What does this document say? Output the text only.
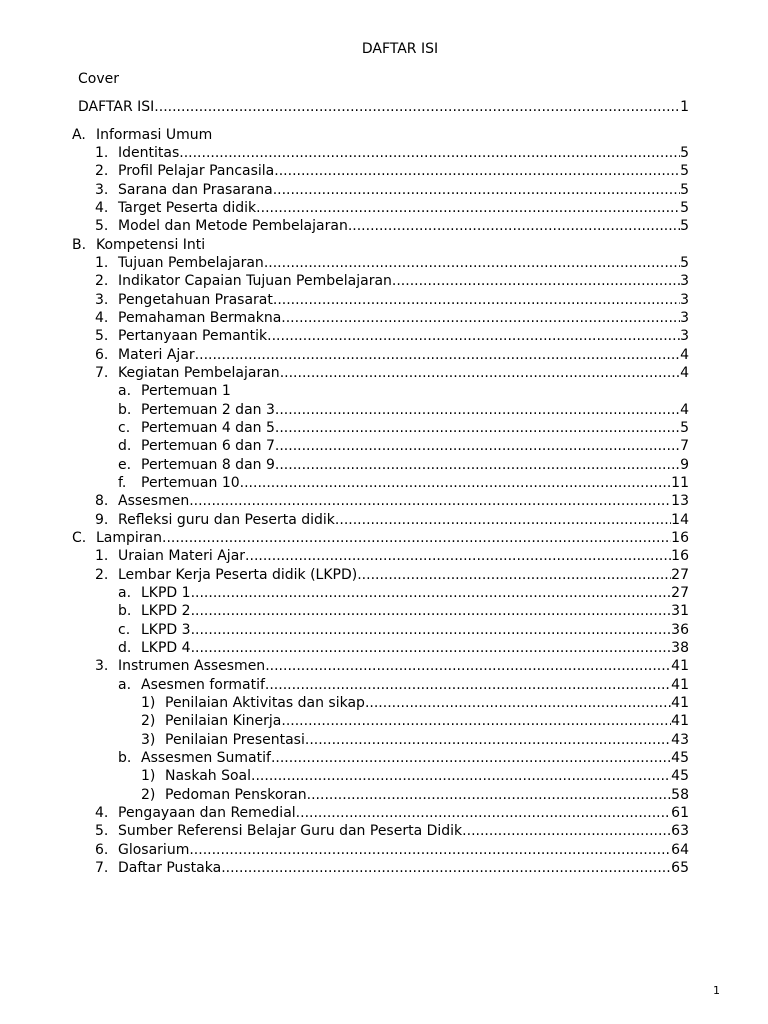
DAFTAR ISI
Cover
DAFTAR ISI .....	1
A. Informasi Umum
1. Identitas .....	5
2. Profil Pelajar Pancasila .....	5
3. Sarana dan Prasarana .....	5
4. Target Peserta didik .....	5
5. Model dan Metode Pembelajaran .....	5
B. Kompetensi Inti
1. Tujuan Pembelajaran .....	5
2. Indikator Capaian Tujuan Pembelajaran .....	3
3. Pengetahuan Prasarat .....	3
4. Pemahaman Bermakna .....	3
5. Pertanyaan Pemantik .....	3
6. Materi Ajar .....	4
7. Kegiatan Pembelajaran .....	4
a. Pertemuan 1
b. Pertemuan 2 dan 3 .....	4
c. Pertemuan 4 dan 5 .....	5
d. Pertemuan 6 dan 7 .....	7
e. Pertemuan 8 dan 9 .....	9
f.	Pertemuan 10 .....	11
8. Assesmen .....	13
9. Refleksi guru dan Peserta didik .....	14
C. Lampiran .....	16
1. Uraian Materi Ajar .....	16
2. Lembar Kerja Peserta didik (LKPD) .....	27
a. LKPD 1 .....	27
b. LKPD 2 .....	31
c. LKPD 3 .....	36
d. LKPD 4 .....	38
3. Instrumen Assesmen .....	41
a. Asesmen formatif .....	41
1) Penilaian Aktivitas dan sikap .....	41
2) Penilaian Kinerja .....	41
3) Penilaian Presentasi .....	43
b. Assesmen Sumatif .....	45
1) Naskah Soal .....	45
2) Pedoman Penskoran .....	58
4. Pengayaan dan Remedial .....	61
5. Sumber Referensi Belajar Guru dan Peserta Didik .....	63
6. Glosarium .....	64
7. Daftar Pustaka .....	65
1
